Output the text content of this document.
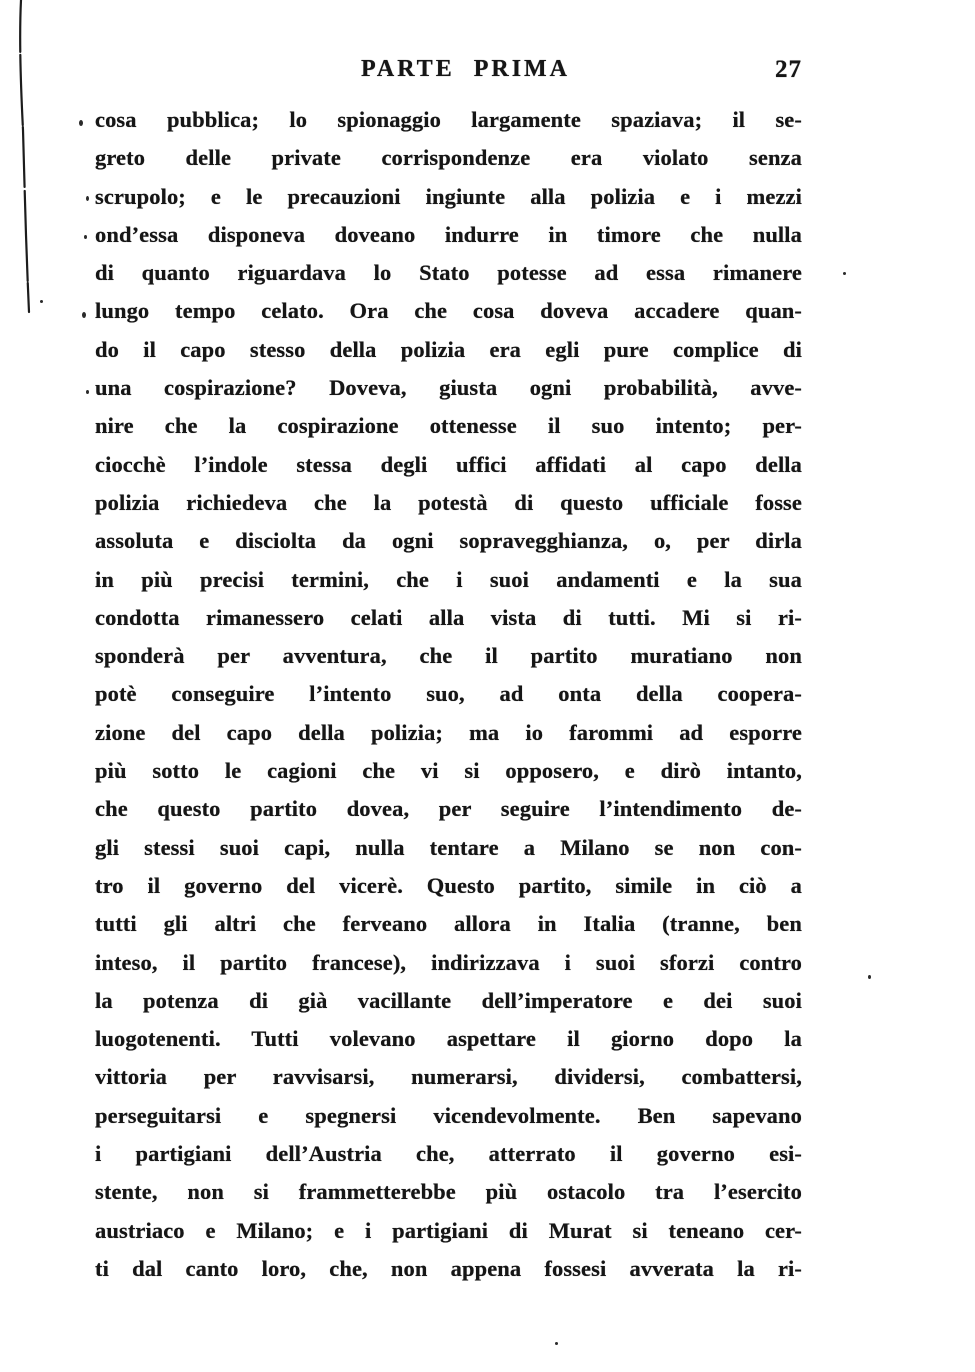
PARTE PRIMA	27
cosa pubblica; lo spionaggio largamente spaziava; il se-
greto delle private corrispondenze era violato senza
scrupolo; e le precauzioni ingiunte alla polizia e i mezzi
ond’essa disponeva doveano indurre in timore che nulla
di quanto riguardava lo Stato potesse ad essa rimanere
lungo tempo celato. Ora che cosa doveva accadere quan-
do il capo stesso della polizia era egli pure complice di
una cospirazione? Doveva, giusta ogni probabilità, avve-
nire che la cospirazione ottenesse il suo intento; per-
ciocchè l’indole stessa degli uffici affidati al capo della
polizia richiedeva che la potestà di questo ufficiale fosse
assoluta e disciolta da ogni sopravegghianza, o, per dirla
in più precisi termini, che i suoi andamenti e la sua
condotta rimanessero celati alla vista di tutti. Mi si ri-
sponderà per avventura, che il partito muratiano non
potè conseguire l’intento suo, ad onta della coopera-
zione del capo della polizia; ma io farommi ad esporre
più sotto le cagioni che vi si opposero, e dirò intanto,
che questo partito dovea, per seguire l’intendimento de-
gli stessi suoi capi, nulla tentare a Milano se non con-
tro il governo del vicerè. Questo partito, simile in ciò a
tutti gli altri che ferveano allora in Italia (tranne, ben
inteso, il partito francese), indirizzava i suoi sforzi contro
la potenza di già vacillante dell’imperatore e dei suoi
luogotenenti. Tutti volevano aspettare il giorno dopo la
vittoria per ravvisarsi, numerarsi, dividersi, combattersi,
perseguitarsi e spegnersi vicendevolmente. Ben sapevano
i partigiani dell’Austria che, atterrato il governo esi-
stente, non si frammetterebbe più ostacolo tra l’esercito
austriaco e Milano; e i partigiani di Murat si teneano cer-
ti dal canto loro, che, non appena fossesi avverata la ri-
